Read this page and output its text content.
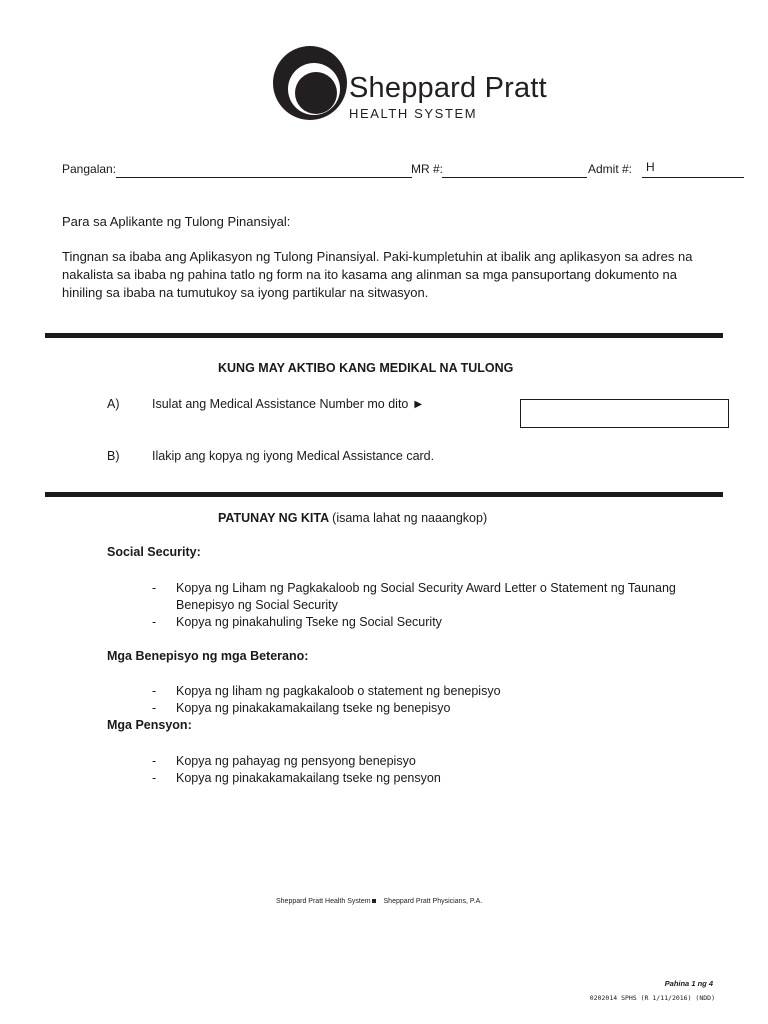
Sheppard Pratt
HEALTH SYSTEM
Pangalan:	MR #:	Admit #: H
Para sa Aplikante ng Tulong Pinansiyal:
Tingnan sa ibaba ang Aplikasyon ng Tulong Pinansiyal. Paki-kumpletuhin at ibalik ang aplikasyon sa adres na nakalista sa ibaba ng pahina tatlo ng form na ito kasama ang alinman sa mga pansuportang dokumento na hiniling sa ibaba na tumutukoy sa iyong partikular na sitwasyon.
KUNG MAY AKTIBO KANG MEDIKAL NA TULONG
A)	Isulat ang Medical Assistance Number mo dito ▶
B)	Ilakip ang kopya ng iyong Medical Assistance card.
PATUNAY NG KITA (isama lahat ng naaangkop)
Social Security:
- Kopya ng Liham ng Pagkakaloob ng Social Security Award Letter o Statement ng Taunang Benepisyo ng Social Security
- Kopya ng pinakahuling Tseke ng Social Security
Mga Benepisyo ng mga Beterano:
- Kopya ng liham ng pagkakaloob o statement ng benepisyo
- Kopya ng pinakakamakailang tseke ng benepisyo
Mga Pensyon:
- Kopya ng pahayag ng pensyong benepisyo
- Kopya ng pinakakamakailang tseke ng pensyon
Sheppard Pratt Health System Sheppard Pratt Physicians, P.A.
Pahina 1 ng 4
0202014 SPHS (R 1/11/2016) (NDD)
